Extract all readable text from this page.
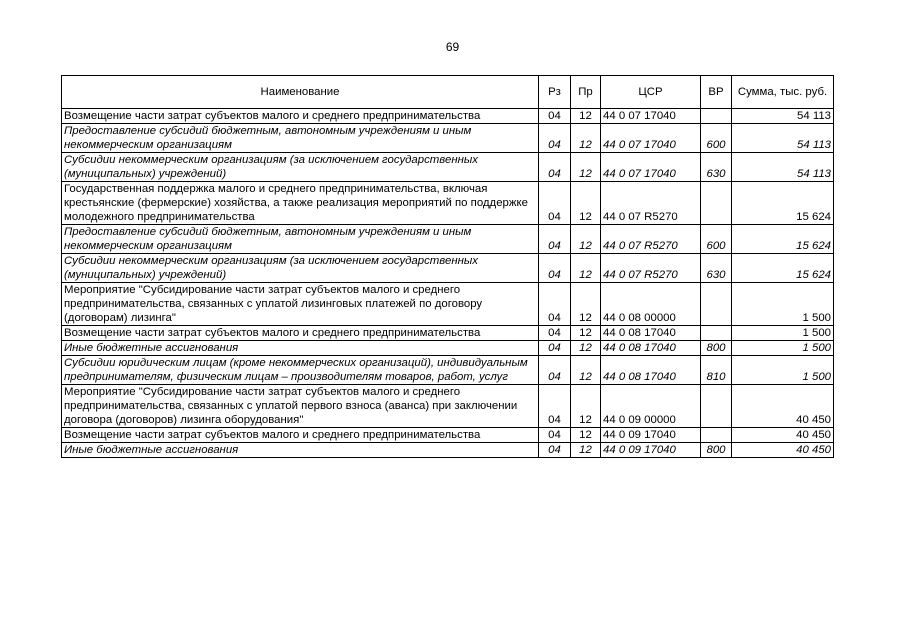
69
Наименование	Рз	Пр	ЦСР	ВР	Сумма, тыс. руб.
Возмещение части затрат субъектов малого и среднего предпринимательства	04	12	44 0 07 17040		54 113
Предоставление субсидий бюджетным, автономным учреждениям и иным некоммерческим организациям	04	12	44 0 07 17040	600	54 113
Субсидии некоммерческим организациям (за исключением государственных (муниципальных) учреждений)	04	12	44 0 07 17040	630	54 113
Государственная поддержка малого и среднего предпринимательства, включая крестьянские (фермерские) хозяйства, а также реализация мероприятий по поддержке молодежного предпринимательства	04	12	44 0 07 R5270		15 624
Предоставление субсидий бюджетным, автономным учреждениям и иным некоммерческим организациям	04	12	44 0 07 R5270	600	15 624
Субсидии некоммерческим организациям (за исключением государственных (муниципальных) учреждений)	04	12	44 0 07 R5270	630	15 624
Мероприятие "Субсидирование части затрат субъектов малого и среднего предпринимательства, связанных с уплатой лизинговых платежей по договору (договорам) лизинга"	04	12	44 0 08 00000		1 500
Возмещение части затрат субъектов малого и среднего предпринимательства	04	12	44 0 08 17040		1 500
Иные бюджетные ассигнования	04	12	44 0 08 17040	800	1 500
Субсидии юридическим лицам (кроме некоммерческих организаций), индивидуальным предпринимателям, физическим лицам – производителям товаров, работ, услуг	04	12	44 0 08 17040	810	1 500
Мероприятие "Субсидирование части затрат субъектов малого и среднего предпринимательства, связанных с уплатой первого взноса (аванса) при заключении договора (договоров) лизинга оборудования"	04	12	44 0 09 00000		40 450
Возмещение части затрат субъектов малого и среднего предпринимательства	04	12	44 0 09 17040		40 450
Иные бюджетные ассигнования	04	12	44 0 09 17040	800	40 450
